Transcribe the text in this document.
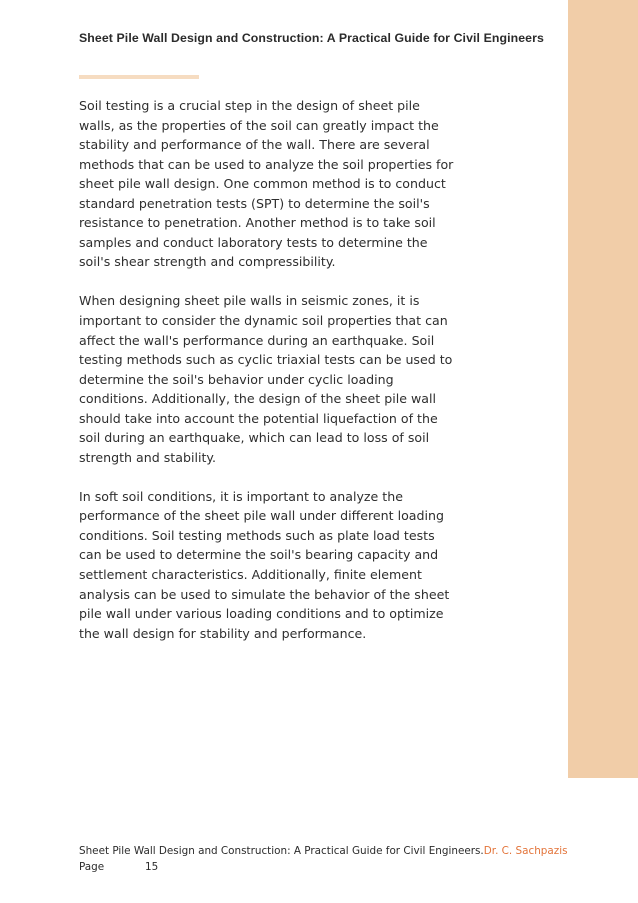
Sheet Pile Wall Design and Construction: A Practical Guide for Civil Engineers

Soil testing is a crucial step in the design of sheet pile walls, as the properties of the soil can greatly impact the stability and performance of the wall. There are several methods that can be used to analyze the soil properties for sheet pile wall design. One common method is to conduct standard penetration tests (SPT) to determine the soil's resistance to penetration. Another method is to take soil samples and conduct laboratory tests to determine the soil's shear strength and compressibility.

When designing sheet pile walls in seismic zones, it is important to consider the dynamic soil properties that can affect the wall's performance during an earthquake. Soil testing methods such as cyclic triaxial tests can be used to determine the soil's behavior under cyclic loading conditions. Additionally, the design of the sheet pile wall should take into account the potential liquefaction of the soil during an earthquake, which can lead to loss of soil strength and stability.

In soft soil conditions, it is important to analyze the performance of the sheet pile wall under different loading conditions. Soil testing methods such as plate load tests can be used to determine the soil's bearing capacity and settlement characteristics. Additionally, finite element analysis can be used to simulate the behavior of the sheet pile wall under various loading conditions and to optimize the wall design for stability and performance.

Sheet Pile Wall Design and Construction: A Practical Guide for Civil Engineers. Dr. C. Sachpazis
Page	15
